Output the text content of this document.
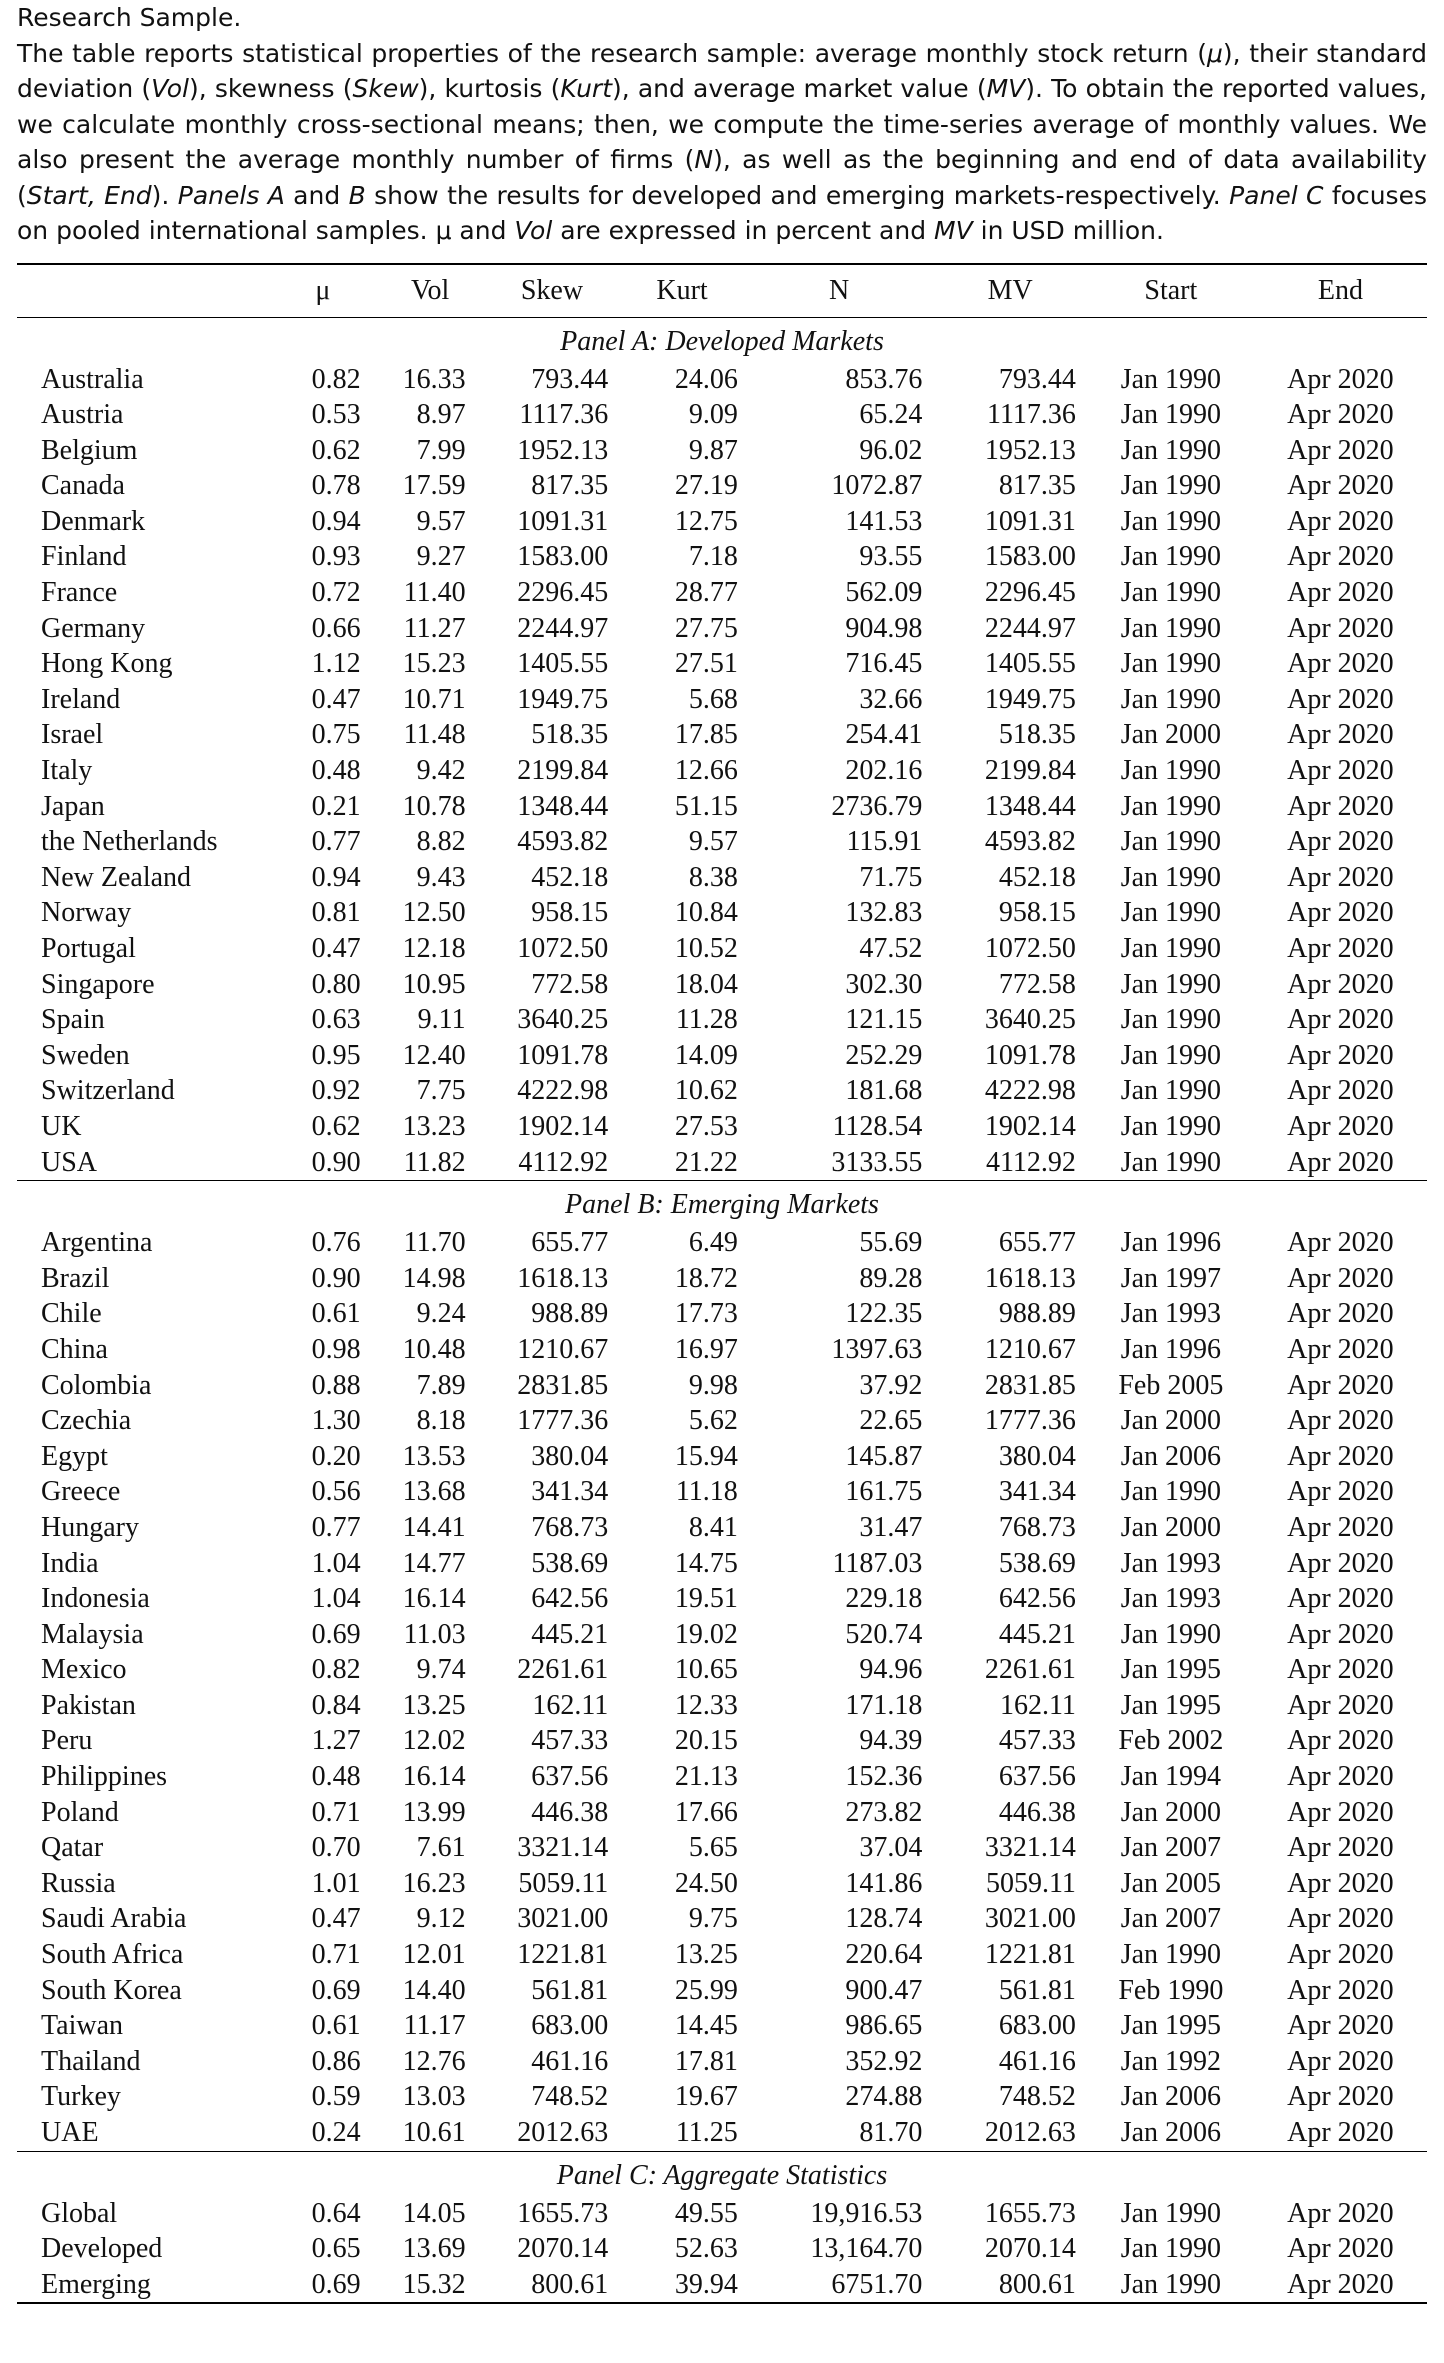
Research Sample.
The table reports statistical properties of the research sample: average monthly stock return (μ), their standard deviation (Vol), skewness (Skew), kurtosis (Kurt), and average market value (MV). To obtain the reported values, we calculate monthly cross-sectional means; then, we compute the time-series average of monthly values. We also present the average monthly number of firms (N), as well as the beginning and end of data availability (Start, End). Panels A and B show the results for developed and emerging markets-respectively. Panel C focuses on pooled international samples. μ and Vol are expressed in percent and MV in USD million.
	μ	Vol	Skew	Kurt	N	MV	Start	End
Panel A: Developed Markets								
Australia	0.82	16.33	793.44	24.06	853.76	793.44	Jan 1990	Apr 2020
Austria	0.53	8.97	1117.36	9.09	65.24	1117.36	Jan 1990	Apr 2020
Belgium	0.62	7.99	1952.13	9.87	96.02	1952.13	Jan 1990	Apr 2020
Canada	0.78	17.59	817.35	27.19	1072.87	817.35	Jan 1990	Apr 2020
Denmark	0.94	9.57	1091.31	12.75	141.53	1091.31	Jan 1990	Apr 2020
Finland	0.93	9.27	1583.00	7.18	93.55	1583.00	Jan 1990	Apr 2020
France	0.72	11.40	2296.45	28.77	562.09	2296.45	Jan 1990	Apr 2020
Germany	0.66	11.27	2244.97	27.75	904.98	2244.97	Jan 1990	Apr 2020
Hong Kong	1.12	15.23	1405.55	27.51	716.45	1405.55	Jan 1990	Apr 2020
Ireland	0.47	10.71	1949.75	5.68	32.66	1949.75	Jan 1990	Apr 2020
Israel	0.75	11.48	518.35	17.85	254.41	518.35	Jan 2000	Apr 2020
Italy	0.48	9.42	2199.84	12.66	202.16	2199.84	Jan 1990	Apr 2020
Japan	0.21	10.78	1348.44	51.15	2736.79	1348.44	Jan 1990	Apr 2020
the Netherlands	0.77	8.82	4593.82	9.57	115.91	4593.82	Jan 1990	Apr 2020
New Zealand	0.94	9.43	452.18	8.38	71.75	452.18	Jan 1990	Apr 2020
Norway	0.81	12.50	958.15	10.84	132.83	958.15	Jan 1990	Apr 2020
Portugal	0.47	12.18	1072.50	10.52	47.52	1072.50	Jan 1990	Apr 2020
Singapore	0.80	10.95	772.58	18.04	302.30	772.58	Jan 1990	Apr 2020
Spain	0.63	9.11	3640.25	11.28	121.15	3640.25	Jan 1990	Apr 2020
Sweden	0.95	12.40	1091.78	14.09	252.29	1091.78	Jan 1990	Apr 2020
Switzerland	0.92	7.75	4222.98	10.62	181.68	4222.98	Jan 1990	Apr 2020
UK	0.62	13.23	1902.14	27.53	1128.54	1902.14	Jan 1990	Apr 2020
USA	0.90	11.82	4112.92	21.22	3133.55	4112.92	Jan 1990	Apr 2020
Panel B: Emerging Markets								
Argentina	0.76	11.70	655.77	6.49	55.69	655.77	Jan 1996	Apr 2020
Brazil	0.90	14.98	1618.13	18.72	89.28	1618.13	Jan 1997	Apr 2020
Chile	0.61	9.24	988.89	17.73	122.35	988.89	Jan 1993	Apr 2020
China	0.98	10.48	1210.67	16.97	1397.63	1210.67	Jan 1996	Apr 2020
Colombia	0.88	7.89	2831.85	9.98	37.92	2831.85	Feb 2005	Apr 2020
Czechia	1.30	8.18	1777.36	5.62	22.65	1777.36	Jan 2000	Apr 2020
Egypt	0.20	13.53	380.04	15.94	145.87	380.04	Jan 2006	Apr 2020
Greece	0.56	13.68	341.34	11.18	161.75	341.34	Jan 1990	Apr 2020
Hungary	0.77	14.41	768.73	8.41	31.47	768.73	Jan 2000	Apr 2020
India	1.04	14.77	538.69	14.75	1187.03	538.69	Jan 1993	Apr 2020
Indonesia	1.04	16.14	642.56	19.51	229.18	642.56	Jan 1993	Apr 2020
Malaysia	0.69	11.03	445.21	19.02	520.74	445.21	Jan 1990	Apr 2020
Mexico	0.82	9.74	2261.61	10.65	94.96	2261.61	Jan 1995	Apr 2020
Pakistan	0.84	13.25	162.11	12.33	171.18	162.11	Jan 1995	Apr 2020
Peru	1.27	12.02	457.33	20.15	94.39	457.33	Feb 2002	Apr 2020
Philippines	0.48	16.14	637.56	21.13	152.36	637.56	Jan 1994	Apr 2020
Poland	0.71	13.99	446.38	17.66	273.82	446.38	Jan 2000	Apr 2020
Qatar	0.70	7.61	3321.14	5.65	37.04	3321.14	Jan 2007	Apr 2020
Russia	1.01	16.23	5059.11	24.50	141.86	5059.11	Jan 2005	Apr 2020
Saudi Arabia	0.47	9.12	3021.00	9.75	128.74	3021.00	Jan 2007	Apr 2020
South Africa	0.71	12.01	1221.81	13.25	220.64	1221.81	Jan 1990	Apr 2020
South Korea	0.69	14.40	561.81	25.99	900.47	561.81	Feb 1990	Apr 2020
Taiwan	0.61	11.17	683.00	14.45	986.65	683.00	Jan 1995	Apr 2020
Thailand	0.86	12.76	461.16	17.81	352.92	461.16	Jan 1992	Apr 2020
Turkey	0.59	13.03	748.52	19.67	274.88	748.52	Jan 2006	Apr 2020
UAE	0.24	10.61	2012.63	11.25	81.70	2012.63	Jan 2006	Apr 2020
Panel C: Aggregate Statistics								
Global	0.64	14.05	1655.73	49.55	19,916.53	1655.73	Jan 1990	Apr 2020
Developed	0.65	13.69	2070.14	52.63	13,164.70	2070.14	Jan 1990	Apr 2020
Emerging	0.69	15.32	800.61	39.94	6751.70	800.61	Jan 1990	Apr 2020
